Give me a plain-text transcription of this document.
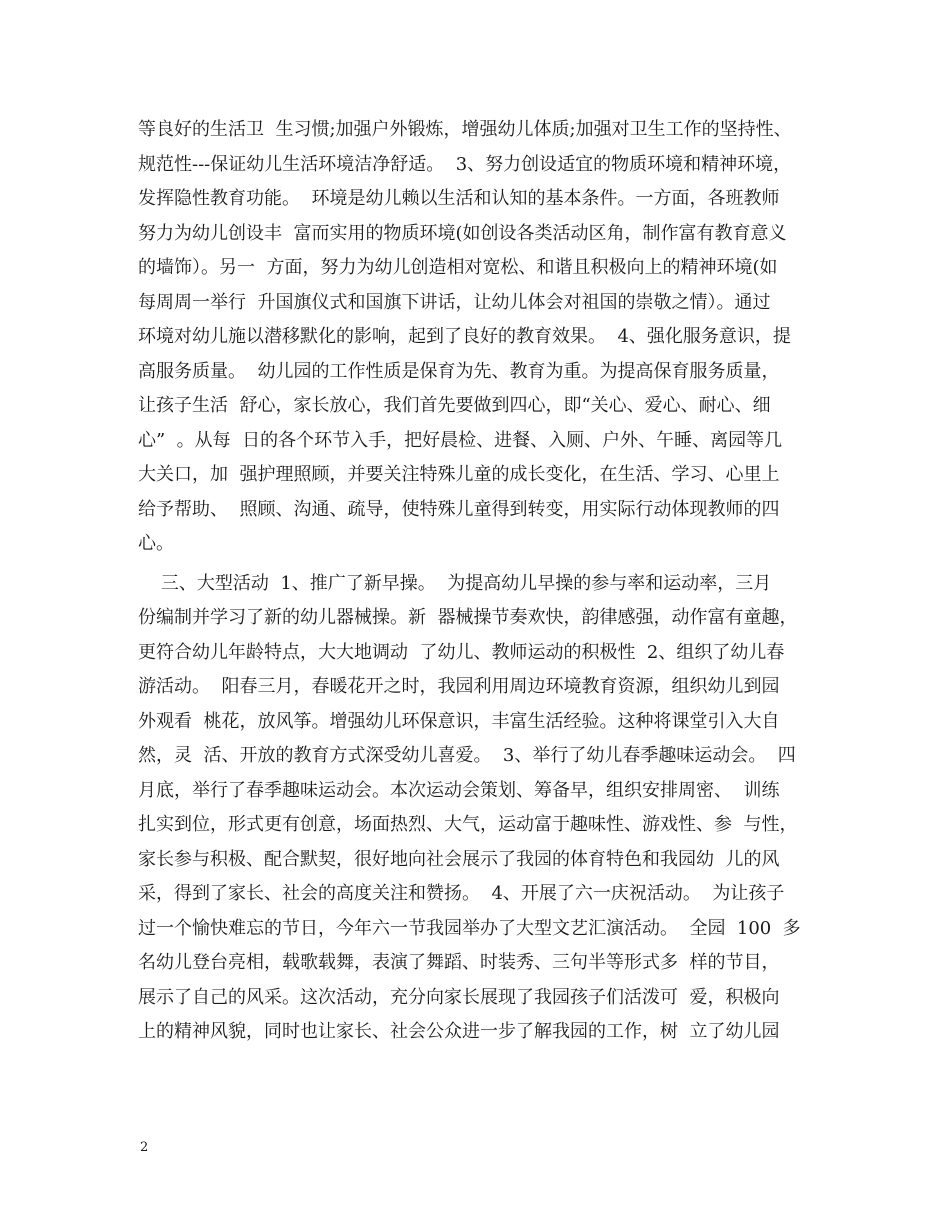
等良好的生活卫  生习惯;加强户外锻炼，增强幼儿体质;加强对卫生工作的坚持性、
规范性---保证幼儿生活环境洁净舒适。  3、努力创设适宜的物质环境和精神环境，
发挥隐性教育功能。  环境是幼儿赖以生活和认知的基本条件。一方面，各班教师
努力为幼儿创设丰  富而实用的物质环境(如创设各类活动区角，制作富有教育意义
的墙饰）。另一  方面，努力为幼儿创造相对宽松、和谐且积极向上的精神环境(如
每周周一举行  升国旗仪式和国旗下讲话，让幼儿体会对祖国的崇敬之情）。通过
环境对幼儿施以潜移默化的影响，起到了良好的教育效果。  4、强化服务意识，提
高服务质量。  幼儿园的工作性质是保育为先、教育为重。为提高保育服务质量，
让孩子生活  舒心，家长放心，我们首先要做到四心，即“关心、爱心、耐心、细
心”  。从每  日的各个环节入手，把好晨检、进餐、入厕、户外、午睡、离园等几
大关口，加  强护理照顾，并要关注特殊儿童的成长变化，在生活、学习、心里上
给予帮助、  照顾、沟通、疏导，使特殊儿童得到转变，用实际行动体现教师的四
心。
三、大型活动  1、推广了新早操。  为提高幼儿早操的参与率和运动率，三月
份编制并学习了新的幼儿器械操。新  器械操节奏欢快，韵律感强，动作富有童趣，
更符合幼儿年龄特点，大大地调动  了幼儿、教师运动的积极性  2、组织了幼儿春
游活动。  阳春三月，春暖花开之时，我园利用周边环境教育资源，组织幼儿到园
外观看  桃花，放风筝。增强幼儿环保意识，丰富生活经验。这种将课堂引入大自
然，灵  活、开放的教育方式深受幼儿喜爱。  3、举行了幼儿春季趣味运动会。  四
月底，举行了春季趣味运动会。本次运动会策划、筹备早，组织安排周密、  训练
扎实到位，形式更有创意，场面热烈、大气，运动富于趣味性、游戏性、参  与性，
家长参与积极、配合默契，很好地向社会展示了我园的体育特色和我园幼  儿的风
采，得到了家长、社会的高度关注和赞扬。  4、开展了六一庆祝活动。  为让孩子
过一个愉快难忘的节日，今年六一节我园举办了大型文艺汇演活动。  全园  100  多
名幼儿登台亮相，载歌载舞，表演了舞蹈、时装秀、三句半等形式多  样的节目，
展示了自己的风采。这次活动，充分向家长展现了我园孩子们活泼可  爱，积极向
上的精神风貌，同时也让家长、社会公众进一步了解我园的工作，树  立了幼儿园
2
